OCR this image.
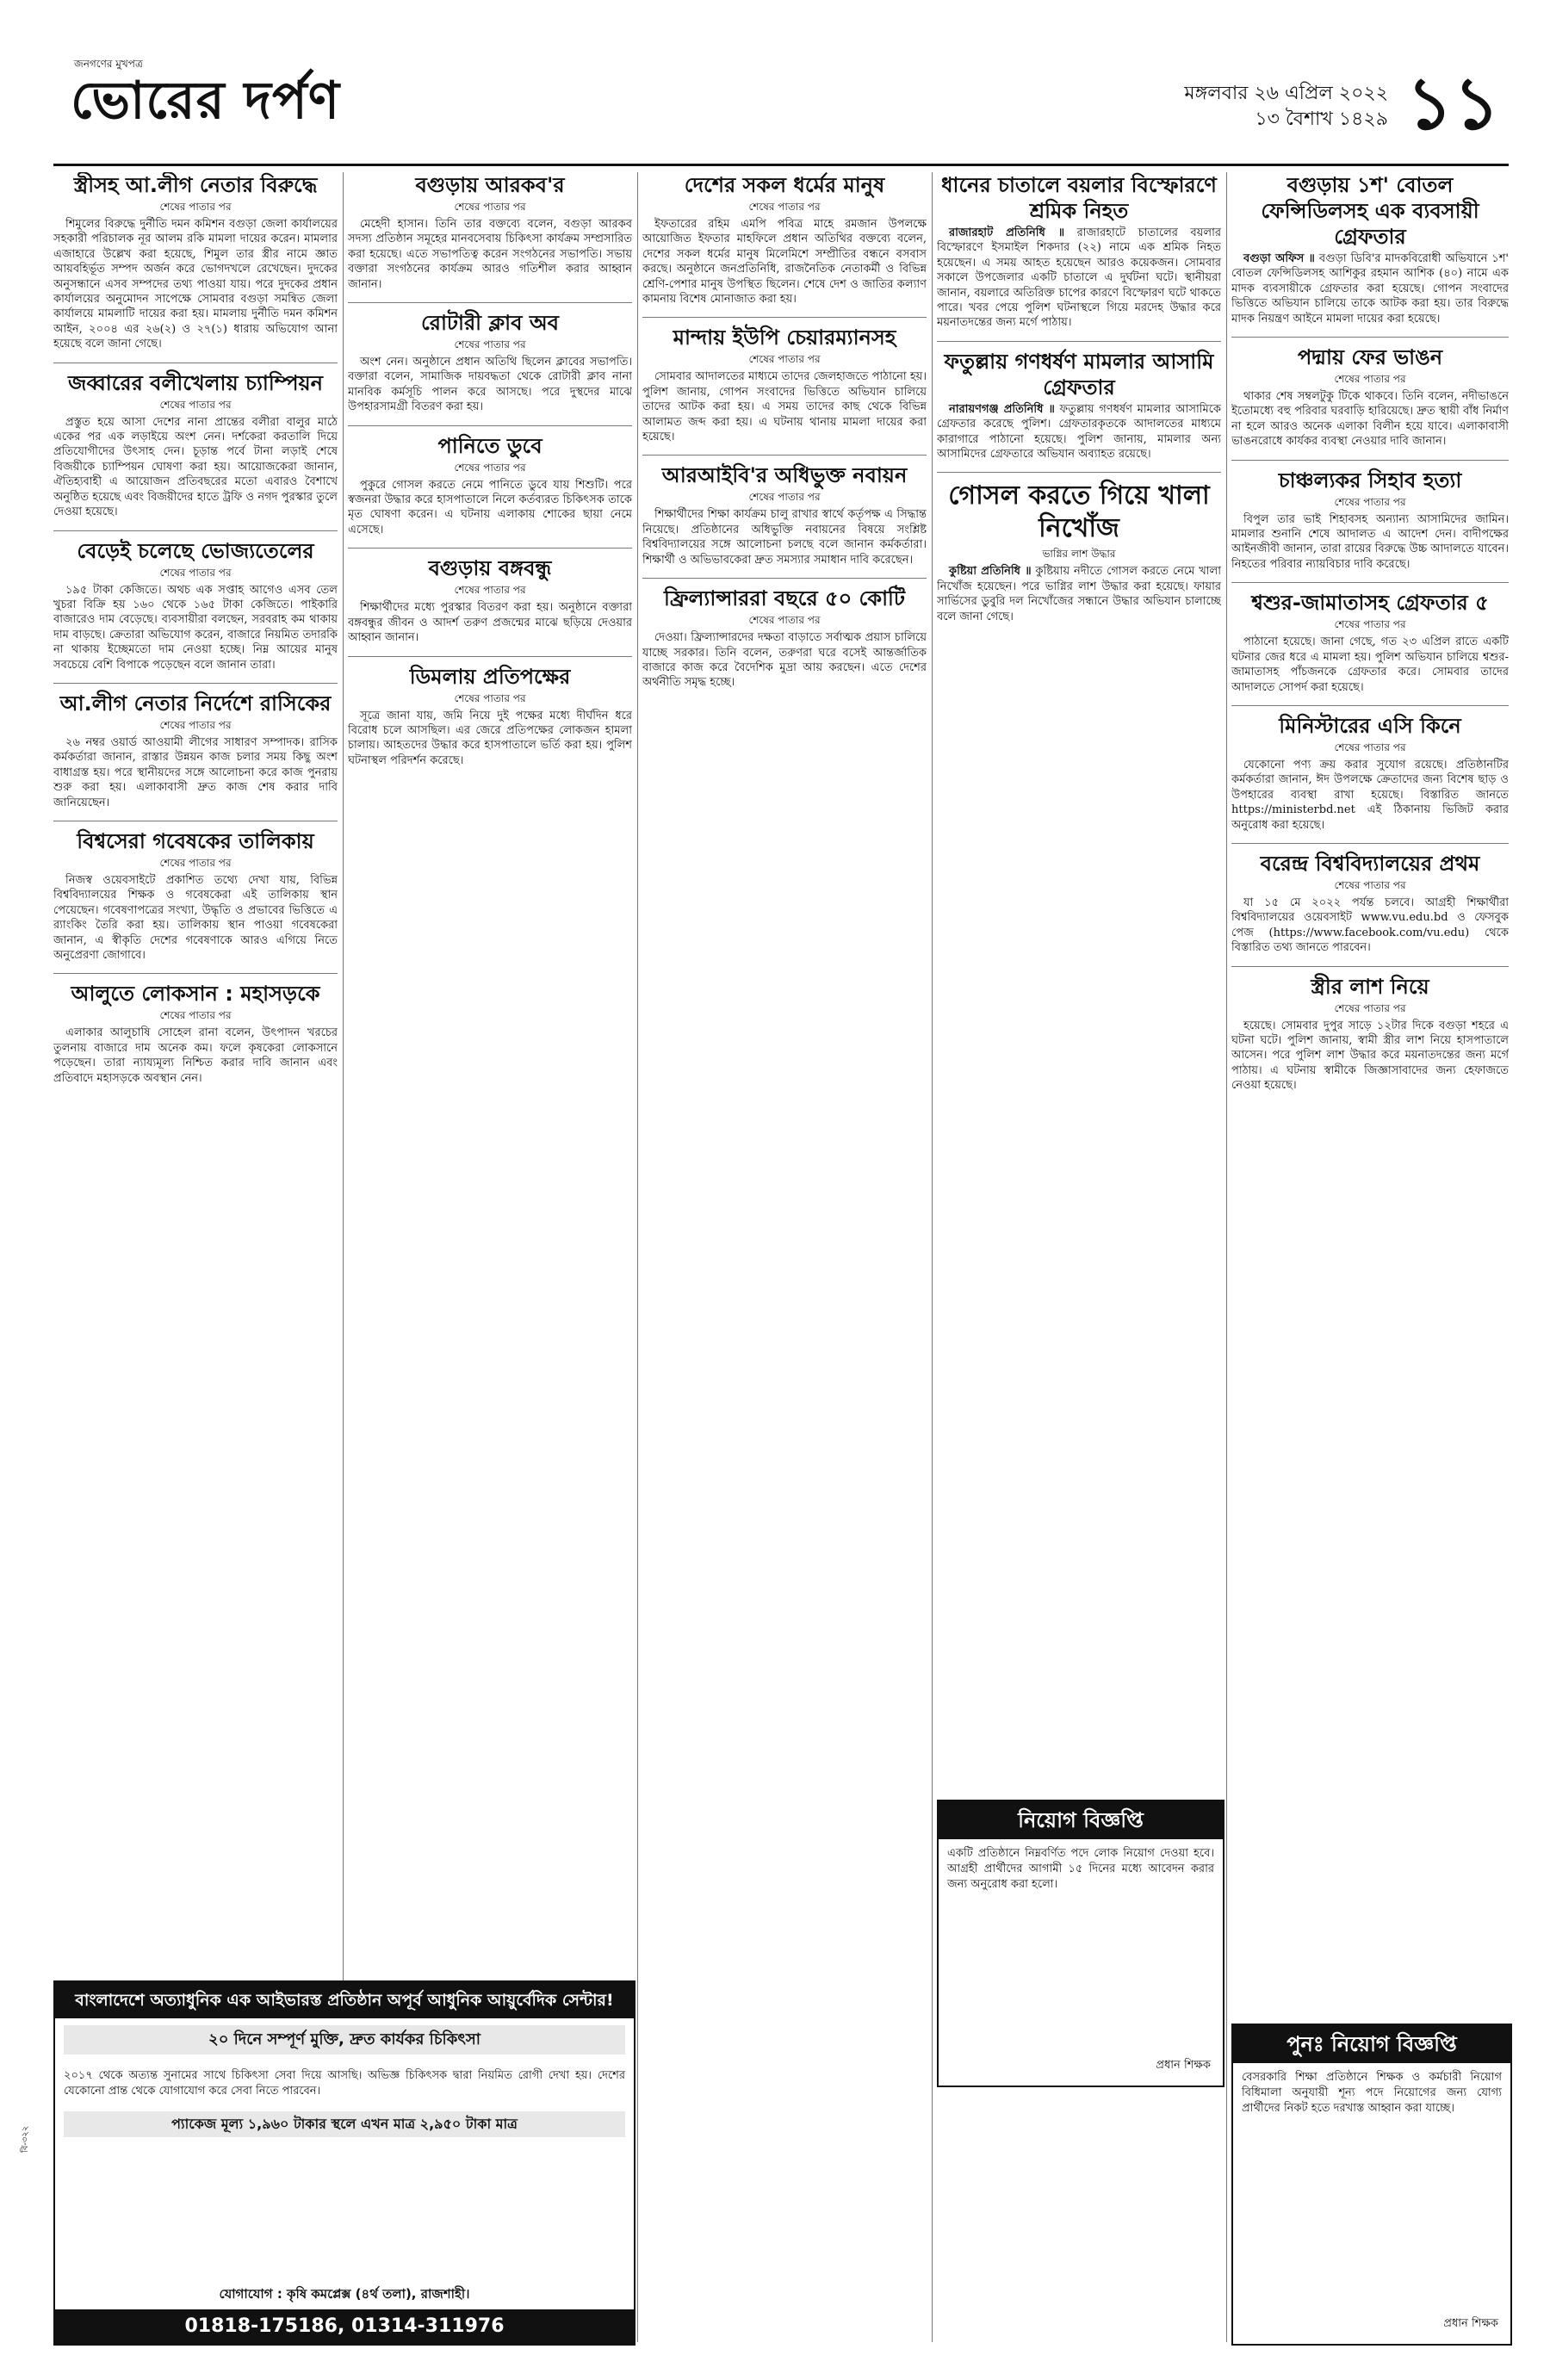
জনগণের মুখপত্র
ভোরের দর্পণ	মঙ্গলবার ২৬ এপ্রিল ২০২২
১৩ বৈশাখ ১৪২৯ ১১
স্ত্রীসহ আ.লীগ নেতার বিরুদ্ধে
শেষের পাতার পর

শিমুলের বিরুদ্ধে দুর্নীতি দমন কমিশন বগুড়া জেলা কার্যালয়ের সহকারী পরিচালক নূর আলম রকি মামলা দায়ের করেন। মামলার এজাহারে উল্লেখ করা হয়েছে, শিমুল তার স্ত্রীর নামে জ্ঞাত আয়বহির্ভূত সম্পদ অর্জন করে ভোগদখলে রেখেছেন। দুদকের অনুসন্ধানে এসব সম্পদের তথ্য পাওয়া যায়। পরে দুদকের প্রধান কার্যালয়ের অনুমোদন সাপেক্ষে সোমবার বগুড়া সমন্বিত জেলা কার্যালয়ে মামলাটি দায়ের করা হয়। মামলায় দুর্নীতি দমন কমিশন আইন, ২০০৪ এর ২৬(২) ও ২৭(১) ধারায় অভিযোগ আনা হয়েছে বলে জানা গেছে।

জব্বারের বলীখেলায় চ্যাম্পিয়ন
শেষের পাতার পর

প্রস্তুত হয়ে আসা দেশের নানা প্রান্তের বলীরা বালুর মাঠে একের পর এক লড়াইয়ে অংশ নেন। দর্শকেরা করতালি দিয়ে প্রতিযোগীদের উৎসাহ দেন। চূড়ান্ত পর্বে টানা লড়াই শেষে বিজয়ীকে চ্যাম্পিয়ন ঘোষণা করা হয়। আয়োজকেরা জানান, ঐতিহ্যবাহী এ আয়োজন প্রতিবছরের মতো এবারও বৈশাখে অনুষ্ঠিত হয়েছে এবং বিজয়ীদের হাতে ট্রফি ও নগদ পুরস্কার তুলে দেওয়া হয়েছে।

বেড়েই চলেছে ভোজ্যতেলের
শেষের পাতার পর

১৯৫ টাকা কেজিতে। অথচ এক সপ্তাহ আগেও এসব তেল খুচরা বিক্রি হয় ১৬০ থেকে ১৬৫ টাকা কেজিতে। পাইকারি বাজারেও দাম বেড়েছে। ব্যবসায়ীরা বলছেন, সরবরাহ কম থাকায় দাম বাড়ছে। ক্রেতারা অভিযোগ করেন, বাজারে নিয়মিত তদারকি না থাকায় ইচ্ছেমতো দাম নেওয়া হচ্ছে। নিম্ন আয়ের মানুষ সবচেয়ে বেশি বিপাকে পড়েছেন বলে জানান তারা।

আ.লীগ নেতার নির্দেশে রাসিকের
শেষের পাতার পর

২৬ নম্বর ওয়ার্ড আওয়ামী লীগের সাধারণ সম্পাদক। রাসিক কর্মকর্তারা জানান, রাস্তার উন্নয়ন কাজ চলার সময় কিছু অংশ বাধাগ্রস্ত হয়। পরে স্থানীয়দের সঙ্গে আলোচনা করে কাজ পুনরায় শুরু করা হয়। এলাকাবাসী দ্রুত কাজ শেষ করার দাবি জানিয়েছেন।

বিশ্বসেরা গবেষকের তালিকায়
শেষের পাতার পর

নিজস্ব ওয়েবসাইটে প্রকাশিত তথ্যে দেখা যায়, বিভিন্ন বিশ্ববিদ্যালয়ের শিক্ষক ও গবেষকেরা এই তালিকায় স্থান পেয়েছেন। গবেষণাপত্রের সংখ্যা, উদ্ধৃতি ও প্রভাবের ভিত্তিতে এ র‌্যাংকিং তৈরি করা হয়। তালিকায় স্থান পাওয়া গবেষকেরা জানান, এ স্বীকৃতি দেশের গবেষণাকে আরও এগিয়ে নিতে অনুপ্রেরণা জোগাবে।

আলুতে লোকসান : মহাসড়কে
শেষের পাতার পর

এলাকার আলুচাষি সোহেল রানা বলেন, উৎপাদন খরচের তুলনায় বাজারে দাম অনেক কম। ফলে কৃষকেরা লোকসানে পড়েছেন। তারা ন্যায্যমূল্য নিশ্চিত করার দাবি জানান এবং প্রতিবাদে মহাসড়কে অবস্থান নেন।

বগুড়ায় আরকব'র
শেষের পাতার পর

মেহেদী হাসান। তিনি তার বক্তব্যে বলেন, বগুড়া আরকব সদস্য প্রতিষ্ঠান সমূহের মানবসেবায় চিকিৎসা কার্যক্রম সম্প্রসারিত করা হয়েছে। এতে সভাপতিত্ব করেন সংগঠনের সভাপতি। সভায় বক্তারা সংগঠনের কার্যক্রম আরও গতিশীল করার আহ্বান জানান।

রোটারী ক্লাব অব
শেষের পাতার পর

অংশ নেন। অনুষ্ঠানে প্রধান অতিথি ছিলেন ক্লাবের সভাপতি। বক্তারা বলেন, সামাজিক দায়বদ্ধতা থেকে রোটারী ক্লাব নানা মানবিক কর্মসূচি পালন করে আসছে। পরে দুস্থদের মাঝে উপহারসামগ্রী বিতরণ করা হয়।

পানিতে ডুবে
শেষের পাতার পর

পুকুরে গোসল করতে নেমে পানিতে ডুবে যায় শিশুটি। পরে স্বজনরা উদ্ধার করে হাসপাতালে নিলে কর্তব্যরত চিকিৎসক তাকে মৃত ঘোষণা করেন। এ ঘটনায় এলাকায় শোকের ছায়া নেমে এসেছে।

বগুড়ায় বঙ্গবন্ধু
শেষের পাতার পর

শিক্ষার্থীদের মধ্যে পুরস্কার বিতরণ করা হয়। অনুষ্ঠানে বক্তারা বঙ্গবন্ধুর জীবন ও আদর্শ তরুণ প্রজন্মের মাঝে ছড়িয়ে দেওয়ার আহ্বান জানান।

ডিমলায় প্রতিপক্ষের
শেষের পাতার পর

সূত্রে জানা যায়, জমি নিয়ে দুই পক্ষের মধ্যে দীর্ঘদিন ধরে বিরোধ চলে আসছিল। এর জেরে প্রতিপক্ষের লোকজন হামলা চালায়। আহতদের উদ্ধার করে হাসপাতালে ভর্তি করা হয়। পুলিশ ঘটনাস্থল পরিদর্শন করেছে।

দেশের সকল ধর্মের মানুষ
শেষের পাতার পর

ইফতারের রহিম এমপি পবিত্র মাহে রমজান উপলক্ষে আয়োজিত ইফতার মাহফিলে প্রধান অতিথির বক্তব্যে বলেন, দেশের সকল ধর্মের মানুষ মিলেমিশে সম্প্রীতির বন্ধনে বসবাস করছে। অনুষ্ঠানে জনপ্রতিনিধি, রাজনৈতিক নেতাকর্মী ও বিভিন্ন শ্রেণি-পেশার মানুষ উপস্থিত ছিলেন। শেষে দেশ ও জাতির কল্যাণ কামনায় বিশেষ মোনাজাত করা হয়।

মান্দায় ইউপি চেয়ারম্যানসহ
শেষের পাতার পর

সোমবার আদালতের মাধ্যমে তাদের জেলহাজতে পাঠানো হয়। পুলিশ জানায়, গোপন সংবাদের ভিত্তিতে অভিযান চালিয়ে তাদের আটক করা হয়। এ সময় তাদের কাছ থেকে বিভিন্ন আলামত জব্দ করা হয়। এ ঘটনায় থানায় মামলা দায়ের করা হয়েছে।

আরআইবি'র অধিভুক্ত নবায়ন
শেষের পাতার পর

শিক্ষার্থীদের শিক্ষা কার্যক্রম চালু রাখার স্বার্থে কর্তৃপক্ষ এ সিদ্ধান্ত নিয়েছে। প্রতিষ্ঠানের অধিভুক্তি নবায়নের বিষয়ে সংশ্লিষ্ট বিশ্ববিদ্যালয়ের সঙ্গে আলোচনা চলছে বলে জানান কর্মকর্তারা। শিক্ষার্থী ও অভিভাবকেরা দ্রুত সমস্যার সমাধান দাবি করেছেন।

ফ্রিল্যান্সাররা বছরে ৫০ কোটি
শেষের পাতার পর

দেওয়া। ফ্রিল্যান্সারদের দক্ষতা বাড়াতে সর্বাত্মক প্রয়াস চালিয়ে যাচ্ছে সরকার। তিনি বলেন, তরুণরা ঘরে বসেই আন্তর্জাতিক বাজারে কাজ করে বৈদেশিক মুদ্রা আয় করছেন। এতে দেশের অর্থনীতি সমৃদ্ধ হচ্ছে।

ধানের চাতালে বয়লার বিস্ফোরণে শ্রমিক নিহত

রাজারহাট প্রতিনিধি ॥ রাজারহাটে চাতালের বয়লার বিস্ফোরণে ইসমাইল শিকদার (২২) নামে এক শ্রমিক নিহত হয়েছেন। এ সময় আহত হয়েছেন আরও কয়েকজন। সোমবার সকালে উপজেলার একটি চাতালে এ দুর্ঘটনা ঘটে। স্থানীয়রা জানান, বয়লারে অতিরিক্ত চাপের কারণে বিস্ফোরণ ঘটে থাকতে পারে। খবর পেয়ে পুলিশ ঘটনাস্থলে গিয়ে মরদেহ উদ্ধার করে ময়নাতদন্তের জন্য মর্গে পাঠায়।

ফতুল্লায় গণধর্ষণ মামলার আসামি গ্রেফতার

নারায়ণগঞ্জ প্রতিনিধি ॥ ফতুল্লায় গণধর্ষণ মামলার আসামিকে গ্রেফতার করেছে পুলিশ। গ্রেফতারকৃতকে আদালতের মাধ্যমে কারাগারে পাঠানো হয়েছে। পুলিশ জানায়, মামলার অন্য আসামিদের গ্রেফতারে অভিযান অব্যাহত রয়েছে।

গোসল করতে গিয়ে খালা নিখোঁজ
ভাগ্নির লাশ উদ্ধার

কুষ্টিয়া প্রতিনিধি ॥ কুষ্টিয়ায় নদীতে গোসল করতে নেমে খালা নিখোঁজ হয়েছেন। পরে ভাগ্নির লাশ উদ্ধার করা হয়েছে। ফায়ার সার্ভিসের ডুবুরি দল নিখোঁজের সন্ধানে উদ্ধার অভিযান চালাচ্ছে বলে জানা গেছে।

বগুড়ায় ১শ' বোতল ফেন্সিডিলসহ এক ব্যবসায়ী গ্রেফতার

বগুড়া অফিস ॥ বগুড়া ডিবি'র মাদকবিরোধী অভিযানে ১শ' বোতল ফেন্সিডিলসহ আশিকুর রহমান আশিক (৪০) নামে এক মাদক ব্যবসায়ীকে গ্রেফতার করা হয়েছে। গোপন সংবাদের ভিত্তিতে অভিযান চালিয়ে তাকে আটক করা হয়। তার বিরুদ্ধে মাদক নিয়ন্ত্রণ আইনে মামলা দায়ের করা হয়েছে।

পদ্মায় ফের ভাঙন
শেষের পাতার পর

থাকার শেষ সম্বলটুকু টিকে থাকবে। তিনি বলেন, নদীভাঙনে ইতোমধ্যে বহু পরিবার ঘরবাড়ি হারিয়েছে। দ্রুত স্থায়ী বাঁধ নির্মাণ না হলে আরও অনেক এলাকা বিলীন হয়ে যাবে। এলাকাবাসী ভাঙনরোধে কার্যকর ব্যবস্থা নেওয়ার দাবি জানান।

চাঞ্চল্যকর সিহাব হত্যা
শেষের পাতার পর

বিপুল তার ভাই শিহাবসহ অন্যান্য আসামিদের জামিন। মামলার শুনানি শেষে আদালত এ আদেশ দেন। বাদীপক্ষের আইনজীবী জানান, তারা রায়ের বিরুদ্ধে উচ্চ আদালতে যাবেন। নিহতের পরিবার ন্যায়বিচার দাবি করেছে।

শ্বশুর-জামাতাসহ গ্রেফতার ৫
শেষের পাতার পর

পাঠানো হয়েছে। জানা গেছে, গত ২৩ এপ্রিল রাতে একটি ঘটনার জের ধরে এ মামলা হয়। পুলিশ অভিযান চালিয়ে শ্বশুর-জামাতাসহ পাঁচজনকে গ্রেফতার করে। সোমবার তাদের আদালতে সোপর্দ করা হয়েছে।

মিনিস্টারের এসি কিনে
শেষের পাতার পর

যেকোনো পণ্য ক্রয় করার সুযোগ রয়েছে। প্রতিষ্ঠানটির কর্মকর্তারা জানান, ঈদ উপলক্ষে ক্রেতাদের জন্য বিশেষ ছাড় ও উপহারের ব্যবস্থা রাখা হয়েছে। বিস্তারিত জানতে https://ministerbd.net এই ঠিকানায় ভিজিট করার অনুরোধ করা হয়েছে।

বরেন্দ্র বিশ্ববিদ্যালয়ের প্রথম
শেষের পাতার পর

যা ১৫ মে ২০২২ পর্যন্ত চলবে। আগ্রহী শিক্ষার্থীরা বিশ্ববিদ্যালয়ের ওয়েবসাইট www.vu.edu.bd ও ফেসবুক পেজ (https://www.facebook.com/vu.edu) থেকে বিস্তারিত তথ্য জানতে পারবেন।

স্ত্রীর লাশ নিয়ে
শেষের পাতার পর

হয়েছে। সোমবার দুপুর সাড়ে ১২টার দিকে বগুড়া শহরে এ ঘটনা ঘটে। পুলিশ জানায়, স্বামী স্ত্রীর লাশ নিয়ে হাসপাতালে আসেন। পরে পুলিশ লাশ উদ্ধার করে ময়নাতদন্তের জন্য মর্গে পাঠায়। এ ঘটনায় স্বামীকে জিজ্ঞাসাবাদের জন্য হেফাজতে নেওয়া হয়েছে।

বাংলাদেশে অত্যাধুনিক এক আইভারস্ত প্রতিষ্ঠান অপূর্ব আধুনিক আয়ুর্বেদিক সেন্টার!
২০ দিনে সম্পূর্ণ মুক্তি, দ্রুত কার্যকর চিকিৎসা
২০১৭ থেকে অত্যন্ত সুনামের সাথে চিকিৎসা সেবা দিয়ে আসছি। অভিজ্ঞ চিকিৎসক দ্বারা নিয়মিত রোগী দেখা হয়। দেশের যেকোনো প্রান্ত থেকে যোগাযোগ করে সেবা নিতে পারবেন।
প্যাকেজ মূল্য ১,৯৬০ টাকার স্থলে এখন মাত্র ২,৯৫০ টাকা মাত্র
যোগাযোগ : কৃষি কমপ্লেক্স (৪র্থ তলা), রাজশাহী।
01818-175186, 01314-311976
নিয়োগ বিজ্ঞপ্তি
একটি প্রতিষ্ঠানে নিম্নবর্ণিত পদে লোক নিয়োগ দেওয়া হবে। আগ্রহী প্রার্থীদের আগামী ১৫ দিনের মধ্যে আবেদন করার জন্য অনুরোধ করা হলো।
প্রধান শিক্ষক
পুনঃ নিয়োগ বিজ্ঞপ্তি
বেসরকারি শিক্ষা প্রতিষ্ঠানে শিক্ষক ও কর্মচারী নিয়োগ বিধিমালা অনুযায়ী শূন্য পদে নিয়োগের জন্য যোগ্য প্রার্থীদের নিকট হতে দরখাস্ত আহ্বান করা যাচ্ছে।
প্রধান শিক্ষক
বি-৩২২
